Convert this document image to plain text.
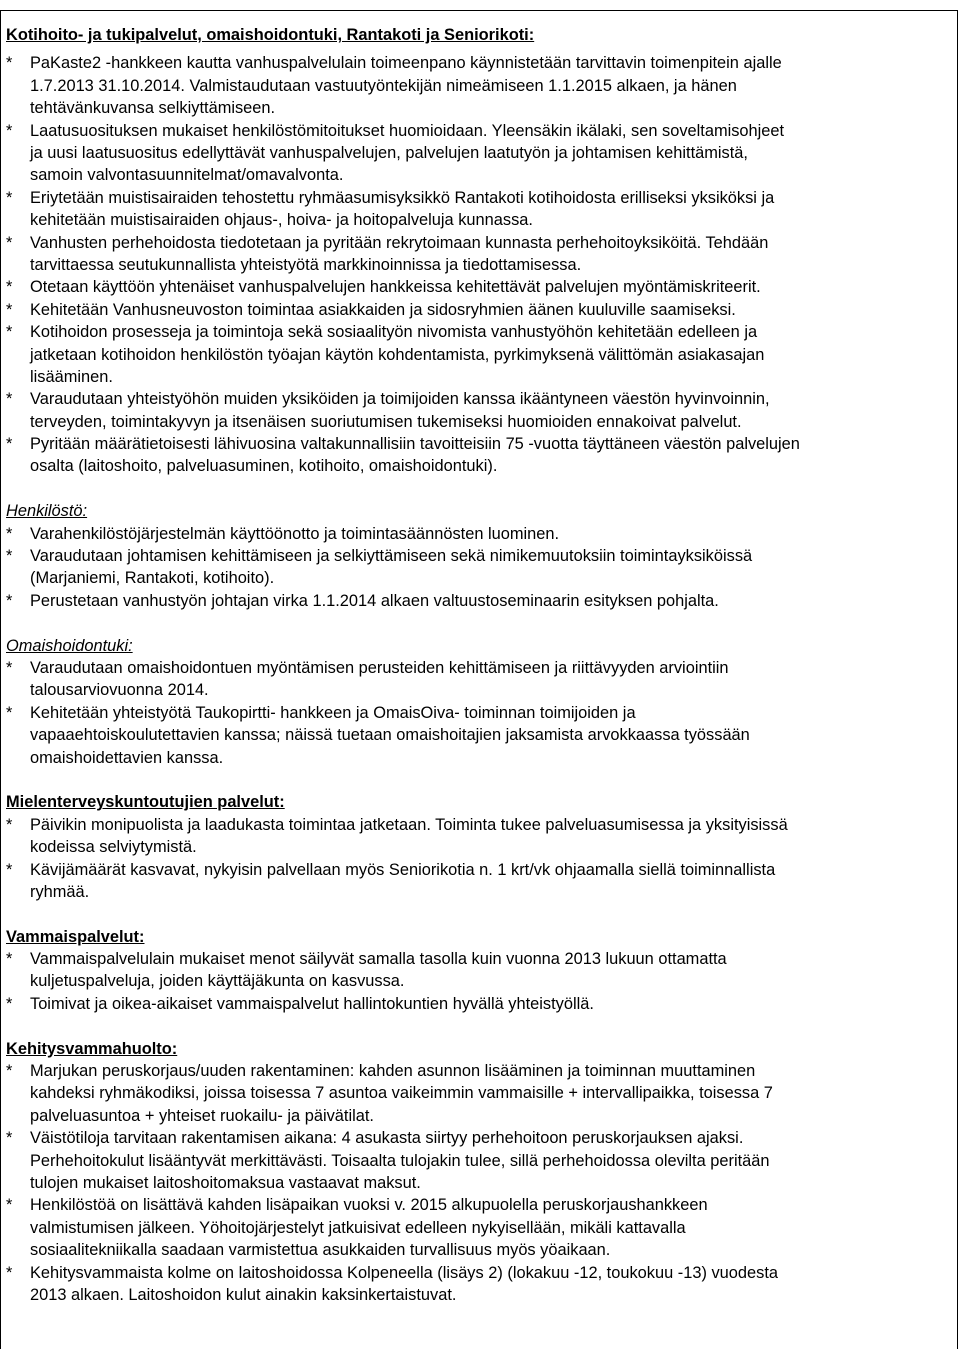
Kotihoito- ja tukipalvelut, omaishoidontuki, Rantakoti ja Seniorikoti:
*	PaKaste2 -hankkeen kautta vanhuspalvelulain toimeenpano käynnistetään tarvittavin toimenpitein ajalle
1.7.2013 31.10.2014. Valmistaudutaan vastuutyöntekijän nimeämiseen 1.1.2015 alkaen, ja hänen
tehtävänkuvansa selkiyttämiseen.
*	Laatusuosituksen mukaiset henkilöstömitoitukset huomioidaan. Yleensäkin ikälaki, sen soveltamisohjeet
ja uusi laatusuositus edellyttävät vanhuspalvelujen, palvelujen laatutyön ja johtamisen kehittämistä,
samoin valvontasuunnitelmat/omavalvonta.
*	Eriytetään muistisairaiden tehostettu ryhmäasumisyksikkö Rantakoti kotihoidosta erilliseksi yksiköksi ja
kehitetään muistisairaiden ohjaus-, hoiva- ja hoitopalveluja kunnassa.
*	Vanhusten perhehoidosta tiedotetaan ja pyritään rekrytoimaan kunnasta perhehoitoyksiköitä. Tehdään
tarvittaessa seutukunnallista yhteistyötä markkinoinnissa ja tiedottamisessa.
*	Otetaan käyttöön yhtenäiset vanhuspalvelujen hankkeissa kehitettävät palvelujen myöntämiskriteerit.
*	Kehitetään Vanhusneuvoston toimintaa asiakkaiden ja sidosryhmien äänen kuuluville saamiseksi.
*	Kotihoidon prosesseja ja toimintoja sekä sosiaalityön nivomista vanhustyöhön kehitetään edelleen ja
jatketaan kotihoidon henkilöstön työajan käytön kohdentamista, pyrkimyksenä välittömän asiakasajan
lisääminen.
*	Varaudutaan yhteistyöhön muiden yksiköiden ja toimijoiden kanssa ikääntyneen väestön hyvinvoinnin,
terveyden, toimintakyvyn ja itsenäisen suoriutumisen tukemiseksi huomioiden ennakoivat palvelut.
*	Pyritään määrätietoisesti lähivuosina valtakunnallisiin tavoitteisiin 75 -vuotta täyttäneen väestön palvelujen
osalta (laitoshoito, palveluasuminen, kotihoito, omaishoidontuki).
Henkilöstö:
*	Varahenkilöstöjärjestelmän käyttöönotto ja toimintasäännösten luominen.
*	Varaudutaan johtamisen kehittämiseen ja selkiyttämiseen sekä nimikemuutoksiin toimintayksiköissä
(Marjaniemi, Rantakoti, kotihoito).
*	Perustetaan vanhustyön johtajan virka 1.1.2014 alkaen valtuustoseminaarin esityksen pohjalta.
Omaishoidontuki:
*	Varaudutaan omaishoidontuen myöntämisen perusteiden kehittämiseen ja riittävyyden arviointiin
talousarviovuonna 2014.
*	Kehitetään yhteistyötä Taukopirtti- hankkeen ja OmaisOiva- toiminnan toimijoiden ja
vapaaehtoiskoulutettavien kanssa; näissä tuetaan omaishoitajien jaksamista arvokkaassa työssään
omaishoidettavien kanssa.
Mielenterveyskuntoutujien palvelut:
*	Päivikin monipuolista ja laadukasta toimintaa jatketaan. Toiminta tukee palveluasumisessa ja yksityisissä
kodeissa selviytymistä.
*	Kävijämäärät kasvavat, nykyisin palvellaan myös Seniorikotia n. 1 krt/vk ohjaamalla siellä toiminnallista
ryhmää.
Vammaispalvelut:
*	Vammaispalvelulain mukaiset menot säilyvät samalla tasolla kuin vuonna 2013 lukuun ottamatta
kuljetuspalveluja, joiden käyttäjäkunta on kasvussa.
*	Toimivat ja oikea-aikaiset vammaispalvelut hallintokuntien hyvällä yhteistyöllä.
Kehitysvammahuolto:
*	Marjukan peruskorjaus/uuden rakentaminen: kahden asunnon lisääminen ja toiminnan muuttaminen
kahdeksi ryhmäkodiksi, joissa toisessa 7 asuntoa vaikeimmin vammaisille + intervallipaikka, toisessa 7
palveluasuntoa + yhteiset ruokailu- ja päivätilat.
*	Väistötiloja tarvitaan rakentamisen aikana: 4 asukasta siirtyy perhehoitoon peruskorjauksen ajaksi.
Perhehoitokulut lisääntyvät merkittävästi. Toisaalta tulojakin tulee, sillä perhehoidossa olevilta peritään
tulojen mukaiset laitoshoitomaksua vastaavat maksut.
*	Henkilöstöä on lisättävä kahden lisäpaikan vuoksi v. 2015 alkupuolella peruskorjaushankkeen
valmistumisen jälkeen. Yöhoitojärjestelyt jatkuisivat edelleen nykyisellään, mikäli kattavalla
sosiaalitekniikalla saadaan varmistettua asukkaiden turvallisuus myös yöaikaan.
*	Kehitysvammaista kolme on laitoshoidossa Kolpeneella (lisäys 2) (lokakuu -12, toukokuu -13) vuodesta
2013 alkaen. Laitoshoidon kulut ainakin kaksinkertaistuvat.
